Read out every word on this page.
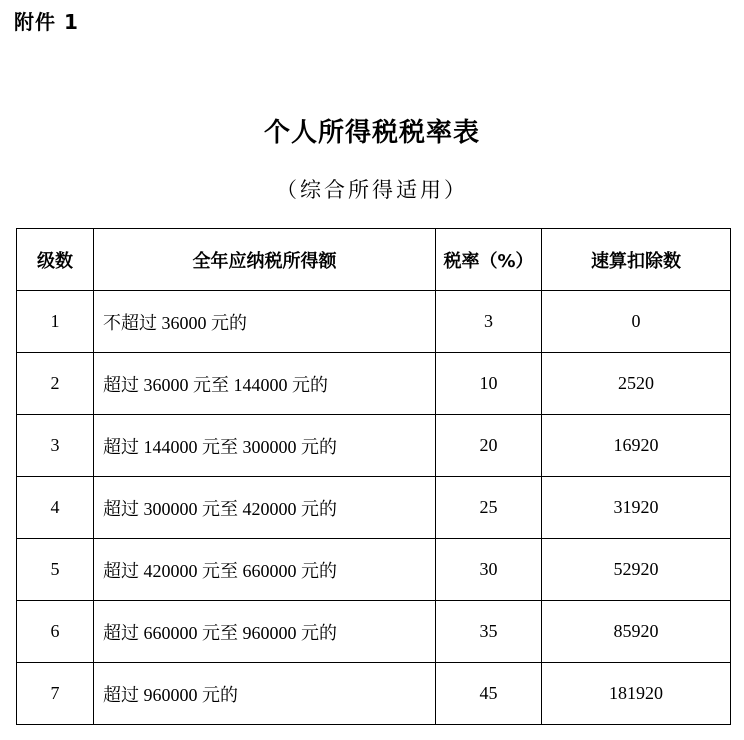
附件 1
个人所得税税率表
（综合所得适用）
级数	全年应纳税所得额	税率（%）	速算扣除数
1	不超过 36000 元的	3	0
2	超过 36000 元至 144000 元的	10	2520
3	超过 144000 元至 300000 元的	20	16920
4	超过 300000 元至 420000 元的	25	31920
5	超过 420000 元至 660000 元的	30	52920
6	超过 660000 元至 960000 元的	35	85920
7	超过 960000 元的	45	181920
